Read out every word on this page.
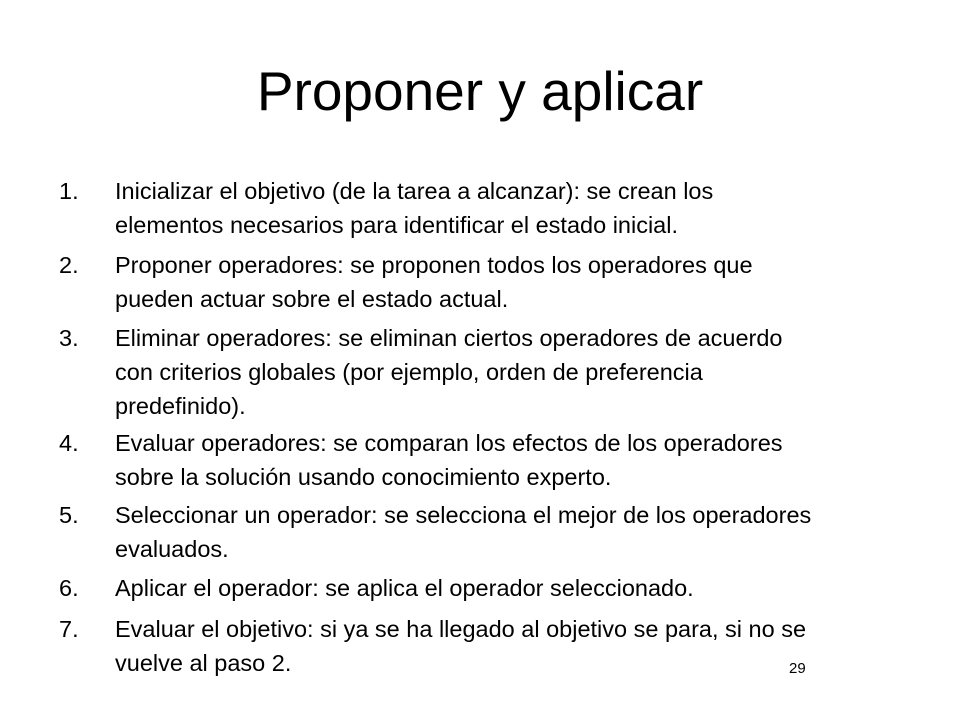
Proponer y aplicar
1.	Inicializar el objetivo (de la tarea a alcanzar): se crean los
elementos necesarios para identificar el estado inicial.
2.	Proponer operadores: se proponen todos los operadores que
pueden actuar sobre el estado actual.
3.	Eliminar operadores: se eliminan ciertos operadores de acuerdo
con criterios globales (por ejemplo, orden de preferencia
predefinido).
4.	Evaluar operadores: se comparan los efectos de los operadores
sobre la solución usando conocimiento experto.
5.	Seleccionar un operador: se selecciona el mejor de los operadores
evaluados.
6.	Aplicar el operador: se aplica el operador seleccionado.
7.	Evaluar el objetivo: si ya se ha llegado al objetivo se para, si no se
vuelve al paso 2.	29
